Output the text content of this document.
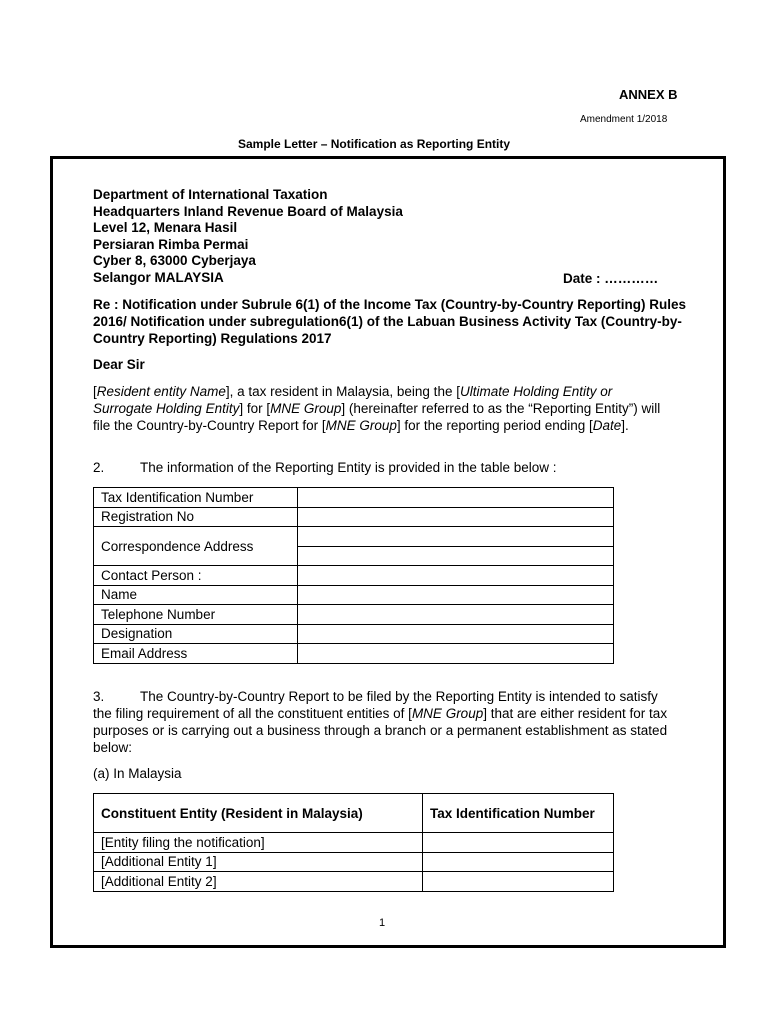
ANNEX B
Amendment 1/2018
Sample Letter – Notification as Reporting Entity
Department of International Taxation
Headquarters Inland Revenue Board of Malaysia
Level 12, Menara Hasil
Persiaran Rimba Permai
Cyber 8, 63000 Cyberjaya
Selangor MALAYSIA	Date : …………
Re : Notification under Subrule 6(1) of the Income Tax (Country-by-Country Reporting) Rules 2016/ Notification under subregulation6(1) of the Labuan Business Activity Tax (Country-by-Country Reporting) Regulations 2017
Dear Sir
[Resident entity Name], a tax resident in Malaysia, being the [Ultimate Holding Entity or Surrogate Holding Entity] for [MNE Group] (hereinafter referred to as the “Reporting Entity”) will file the Country-by-Country Report for [MNE Group] for the reporting period ending [Date].
2.	The information of the Reporting Entity is provided in the table below :
Tax Identification Number	
Registration No	
Correspondence Address	

Contact Person :	
Name	
Telephone Number	
Designation	
Email Address	
3.	The Country-by-Country Report to be filed by the Reporting Entity is intended to satisfy the filing requirement of all the constituent entities of [MNE Group] that are either resident for tax purposes or is carrying out a business through a branch or a permanent establishment as stated below:
(a) In Malaysia
Constituent Entity (Resident in Malaysia)	Tax Identification Number
[Entity filing the notification]	
[Additional Entity 1]	
[Additional Entity 2]	
1
